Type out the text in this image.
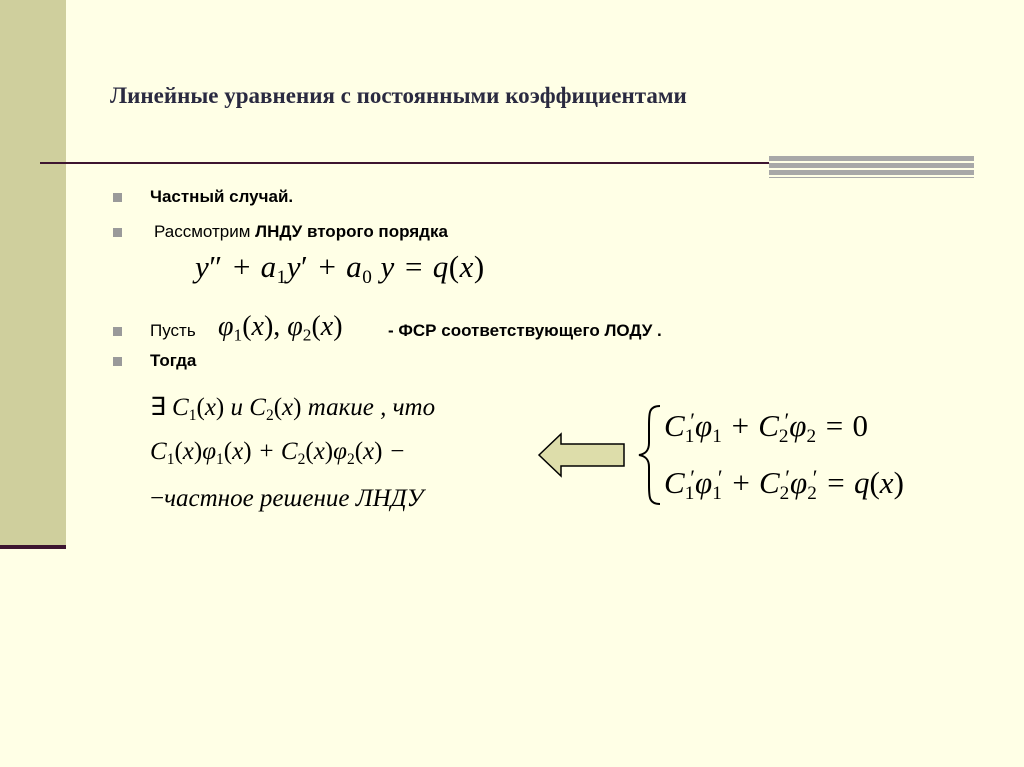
Линейные уравнения с постоянными коэффициентами
Частный случай.
Рассмотрим ЛНДУ второго порядка
$y'' + a_1y' + a_0$ y = q(x)
Пусть $\varphi_1(x)$, $\varphi_2(x)$	- ФСР соответствующего ЛОДУ .
Тогда
∃ $C_1(x)$ и $C_2(x)$ такие , что
$C_1(x)\varphi_1(x) + C_2(x)\varphi_2(x)$ −
−частное решение ЛНДУ
$C_1'\varphi_1 + C_2'\varphi_2 = 0$
$C_1'\varphi_1' + C_2'\varphi_2' = q(x)$
